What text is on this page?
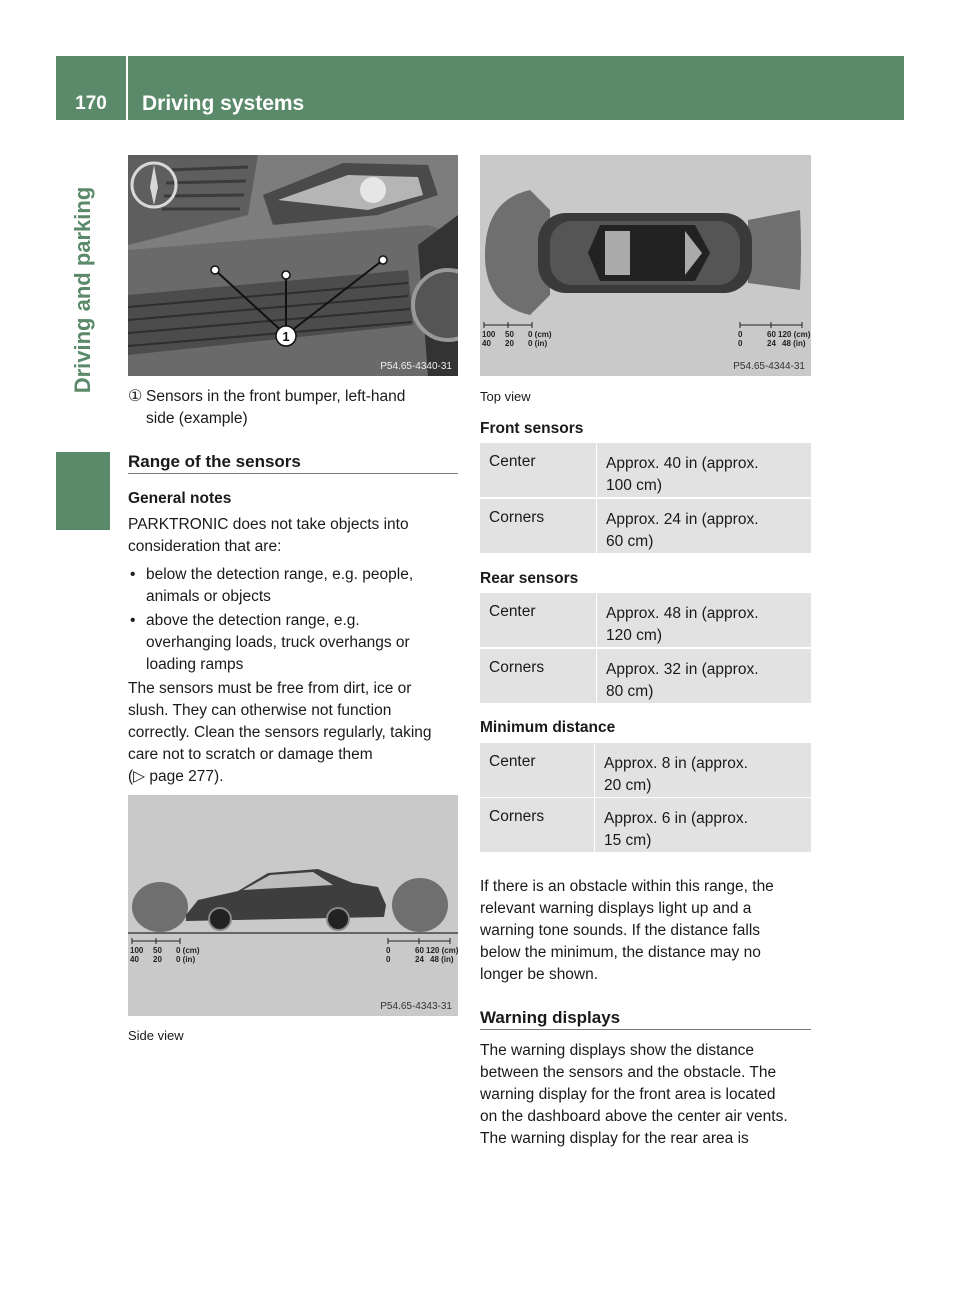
170	Driving systems
Driving and parking	1
P54.65-4340-31
① Sensors in the front bumper, left-hand
side (example)
Range of the sensors
General notes
PARKTRONIC does not take objects into
consideration that are:
• below the detection range, e.g. people,
animals or objects
• above the detection range, e.g.
overhanging loads, truck overhangs or
loading ramps
The sensors must be free from dirt, ice or
slush. They can otherwise not function
correctly. Clean the sensors regularly, taking
care not to scratch or damage them
(▷ page 277).
100 50 0 (cm)
40 20 0 (in)
0	60 120 (cm)
0	24 48 (in)
P54.65-4343-31
Side view
100 50 0 (cm)
40 20 0 (in)
0	60 120 (cm)
0	24 48 (in)
P54.65-4344-31
Top view
Front sensors
Center	Approx. 40 in (approx.
100 cm)
Corners	Approx. 24 in (approx.
60 cm)
Rear sensors
Center	Approx. 48 in (approx.
120 cm)
Corners	Approx. 32 in (approx.
80 cm)
Minimum distance
Center	Approx. 8 in (approx.
20 cm)
Corners	Approx. 6 in (approx.
15 cm)
If there is an obstacle within this range, the
relevant warning displays light up and a
warning tone sounds. If the distance falls
below the minimum, the distance may no
longer be shown.
Warning displays
The warning displays show the distance
between the sensors and the obstacle. The
warning display for the front area is located
on the dashboard above the center air vents.
The warning display for the rear area is
